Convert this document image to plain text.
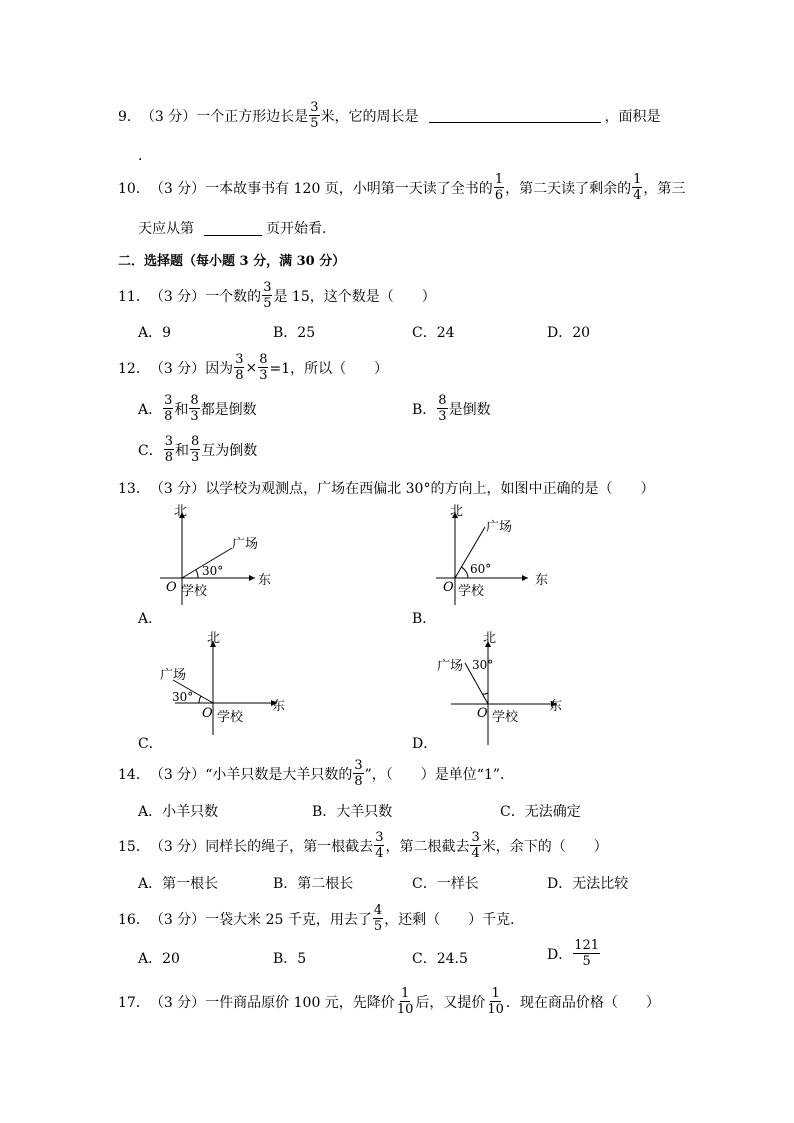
9． （3 分） 一个正方形边长是 $\frac{3}{5}$ 米，它的周长是	，面积是
．
10． （3 分） 一本故事书有 120 页，小明第一天读了全书的 $\frac{1}{6}$ ，第二天读了剩余的 $\frac{1}{4}$ ，第三
天应从第	页开始看．
二．选择题（每小题 3 分，满 30 分）
11． （3 分） 一个数的 $\frac{3}{5}$ 是 15，这个数是（　　）
A．9	B．25	C．24	D．20
12． （3 分） 因为 $\frac{3}{8} \times \frac{8}{3} =1$，所以（　　）
A． $\frac{3}{8}$ 和 $\frac{8}{3}$ 都是倒数	B． $\frac{8}{3}$ 是倒数
C． $\frac{3}{8}$ 和 $\frac{8}{3}$ 互为倒数
13． （3 分） 以学校为观测点，广场在西偏北 30°的方向上，如图中正确的是（　　）
北
东
O 学校
广场
30°
A．
北
东
O 学校
广场
60°
B．
北
东
O 学校
广场
30°
C．
北
东
O 学校
广场 30°
D．
14． （3 分） “小羊只数是大羊只数的 $\frac{3}{8}$ ”，（　　）是单位“1”．
A．小羊只数	B．大羊只数	C．无法确定
15． （3 分） 同样长的绳子，第一根截去 $\frac{3}{4}$ ，第二根截去 $\frac{3}{4}$ 米，余下的（　　）
A．第一根长	B．第二根长	C．一样长	D．无法比较
16． （3 分） 一袋大米 25 千克，用去了 $\frac{4}{5}$ ，还剩（　　）千克．
A．20	B．5	C．24.5	D． $\frac{121}{5}$
17． （3 分） 一件商品原价 100 元，先降价 $\frac{1}{10}$ 后，又提价 $\frac{1}{10}$ ．现在商品价格（　　）
